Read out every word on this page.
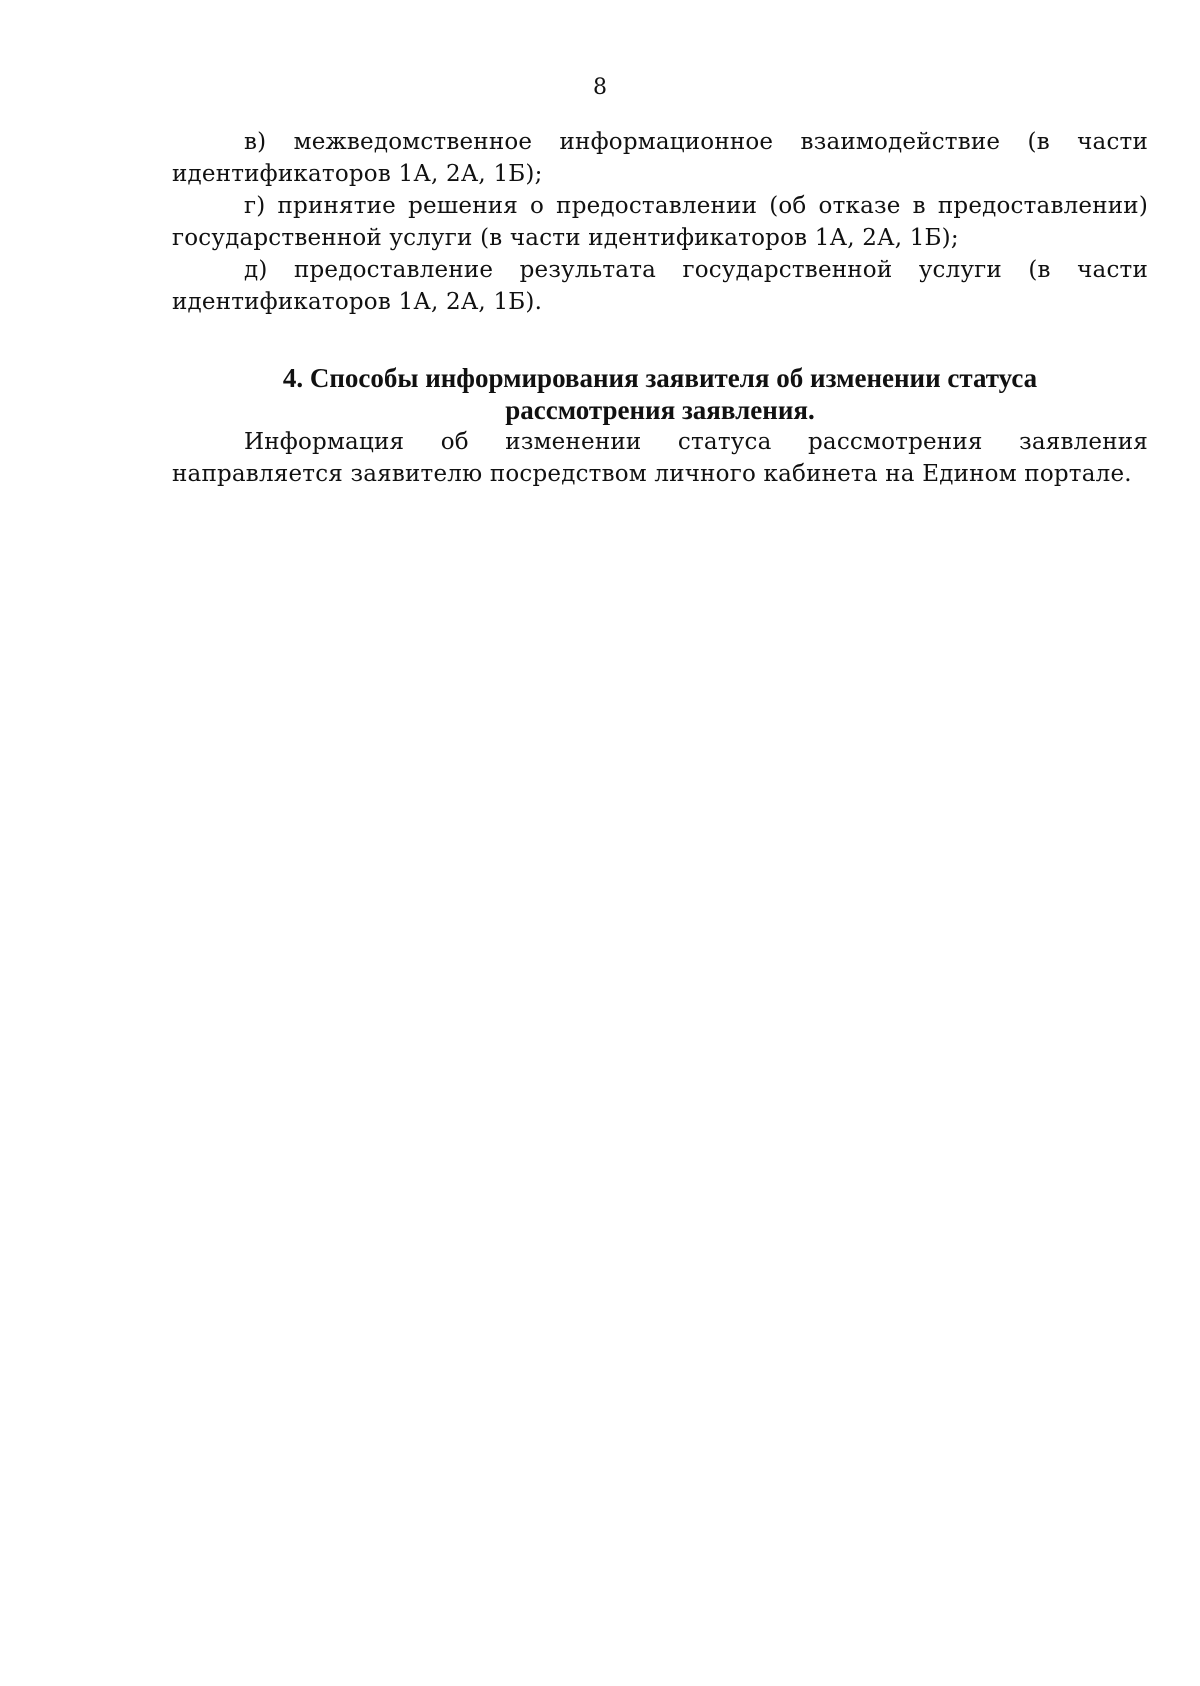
8

в) межведомственное информационное взаимодействие (в части идентификаторов 1А, 2А, 1Б);

г) принятие решения о предоставлении (об отказе в предоставлении) государственной услуги (в части идентификаторов 1А, 2А, 1Б);

д) предоставление результата государственной услуги (в части идентификаторов 1А, 2А, 1Б).

4. Способы информирования заявителя об изменении статуса
рассмотрения заявления.

Информация об изменении статуса рассмотрения заявления направляется заявителю посредством личного кабинета на Едином портале.
